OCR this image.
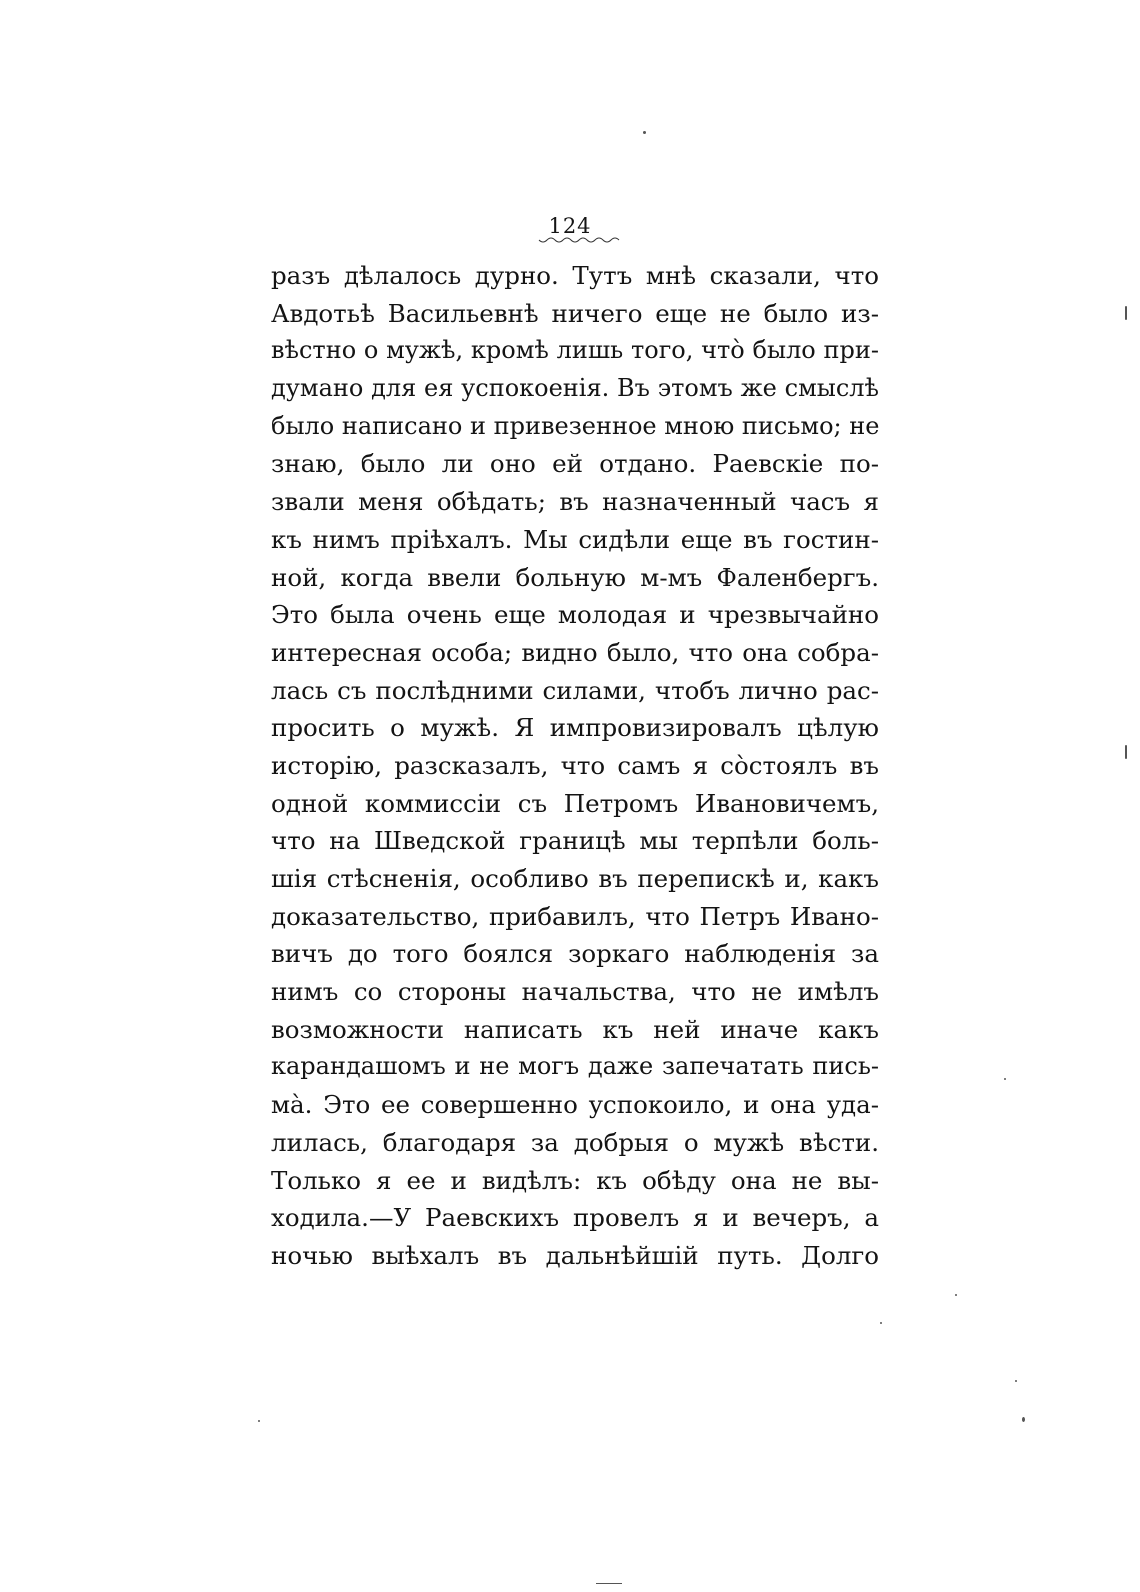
124
разъ дѣлалось дурно. Тутъ мнѣ сказали, что
Авдотьѣ Васильевнѣ ничего еще не было из-
вѣстно о мужѣ, кромѣ лишь того, что̀ было при-
думано для ея успокоенія. Въ этомъ же смыслѣ
было написано и привезенное мною письмо; не
знаю, было ли оно ей отдано. Раевскіе по-
звали меня обѣдать; въ назначенный часъ я
къ нимъ пріѣхалъ. Мы сидѣли еще въ гостин-
ной, когда ввели больную м-мъ Фаленбергъ.
Это была очень еще молодая и чрезвычайно
интересная особа; видно было, что она собра-
лась съ послѣдними силами, чтобъ лично рас-
просить о мужѣ. Я импровизировалъ цѣлую
исторію, разсказалъ, что самъ я со̀стоялъ въ
одной коммиссіи съ Петромъ Ивановичемъ,
что на Шведской границѣ мы терпѣли боль-
шія стѣсненія, особливо въ перепискѣ и, какъ
доказательство, прибавилъ, что Петръ Ивано-
вичъ до того боялся зоркаго наблюденія за
нимъ со стороны начальства, что не имѣлъ
возможности написать къ ней иначе какъ
карандашомъ и не могъ даже запечатать пись-
ма̀. Это ее совершенно успокоило, и она уда-
лилась, благодаря за добрыя о мужѣ вѣсти.
Только я ее и видѣлъ: къ обѣду она не вы-
ходила.—У Раевскихъ провелъ я и вечеръ, а
ночью выѣхалъ въ дальнѣйшій путь. Долго
